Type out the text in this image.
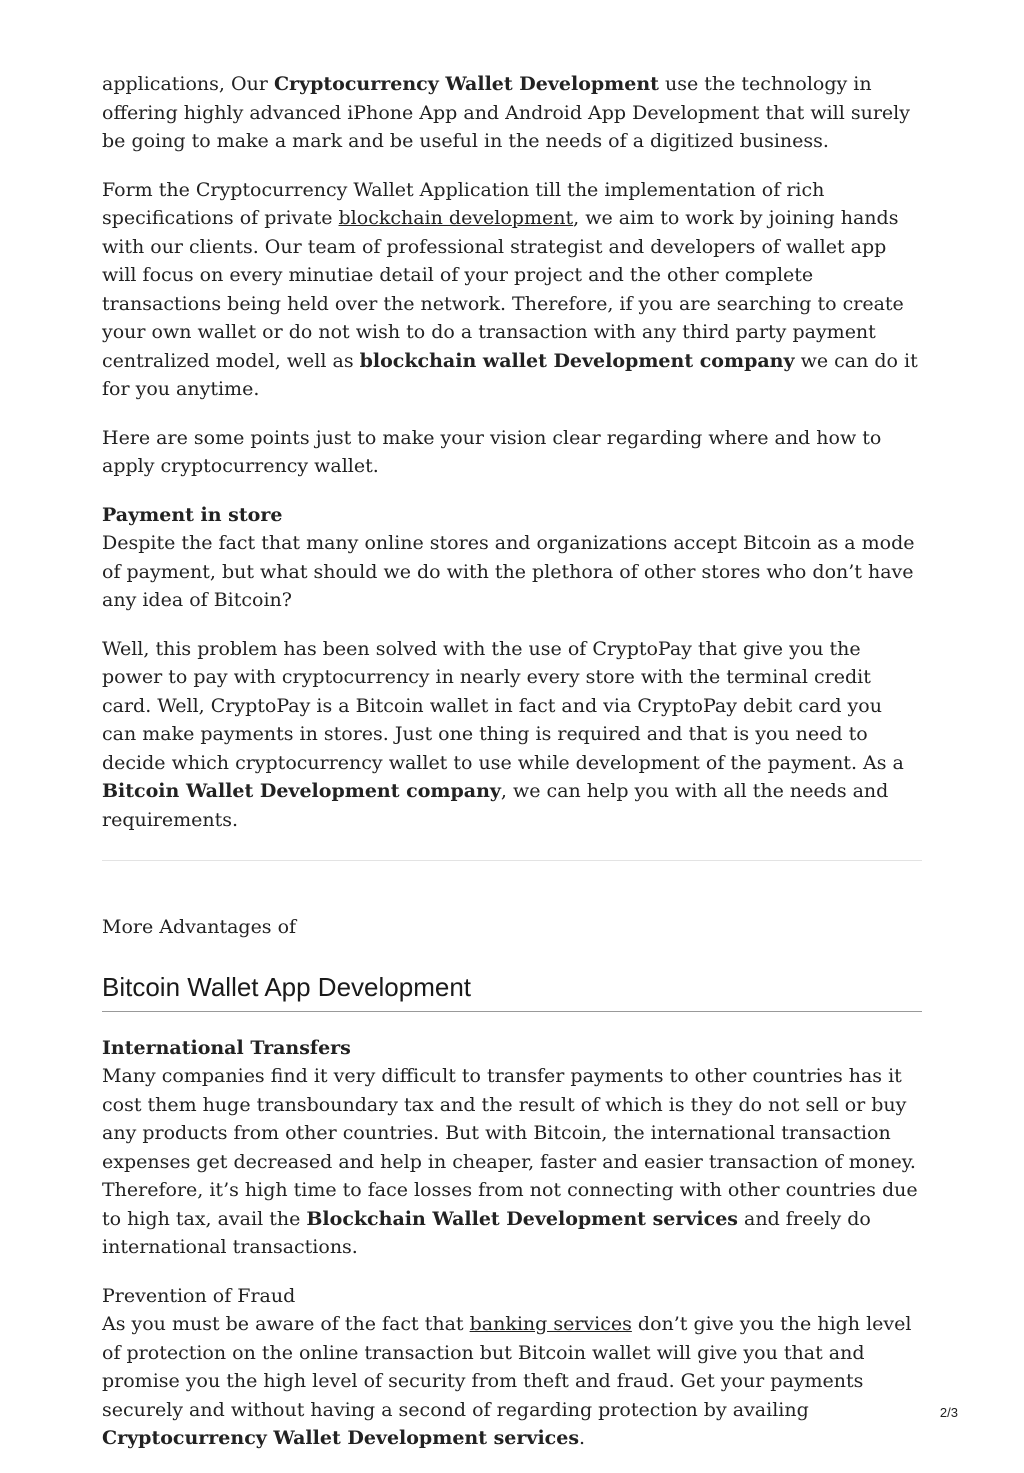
applications, Our Cryptocurrency Wallet Development use the technology in offering highly advanced iPhone App and Android App Development that will surely be going to make a mark and be useful in the needs of a digitized business.

Form the Cryptocurrency Wallet Application till the implementation of rich specifications of private blockchain development, we aim to work by joining hands with our clients. Our team of professional strategist and developers of wallet app will focus on every minutiae detail of your project and the other complete transactions being held over the network. Therefore, if you are searching to create your own wallet or do not wish to do a transaction with any third party payment centralized model, well as blockchain wallet Development company we can do it for you anytime.

Here are some points just to make your vision clear regarding where and how to apply cryptocurrency wallet.

Payment in store
Despite the fact that many online stores and organizations accept Bitcoin as a mode of payment, but what should we do with the plethora of other stores who don’t have any idea of Bitcoin?

Well, this problem has been solved with the use of CryptoPay that give you the power to pay with cryptocurrency in nearly every store with the terminal credit card. Well, CryptoPay is a Bitcoin wallet in fact and via CryptoPay debit card you can make payments in stores. Just one thing is required and that is you need to decide which cryptocurrency wallet to use while development of the payment. As a Bitcoin Wallet Development company, we can help you with all the needs and requirements.

More Advantages of

Bitcoin Wallet App Development

International Transfers
Many companies find it very difficult to transfer payments to other countries has it cost them huge transboundary tax and the result of which is they do not sell or buy any products from other countries. But with Bitcoin, the international transaction expenses get decreased and help in cheaper, faster and easier transaction of money. Therefore, it’s high time to face losses from not connecting with other countries due to high tax, avail the Blockchain Wallet Development services and freely do international transactions.

Prevention of Fraud
As you must be aware of the fact that banking services don’t give you the high level of protection on the online transaction but Bitcoin wallet will give you that and promise you the high level of security from theft and fraud. Get your payments securely and without having a second of regarding protection by availing Cryptocurrency Wallet Development services.

2/3
